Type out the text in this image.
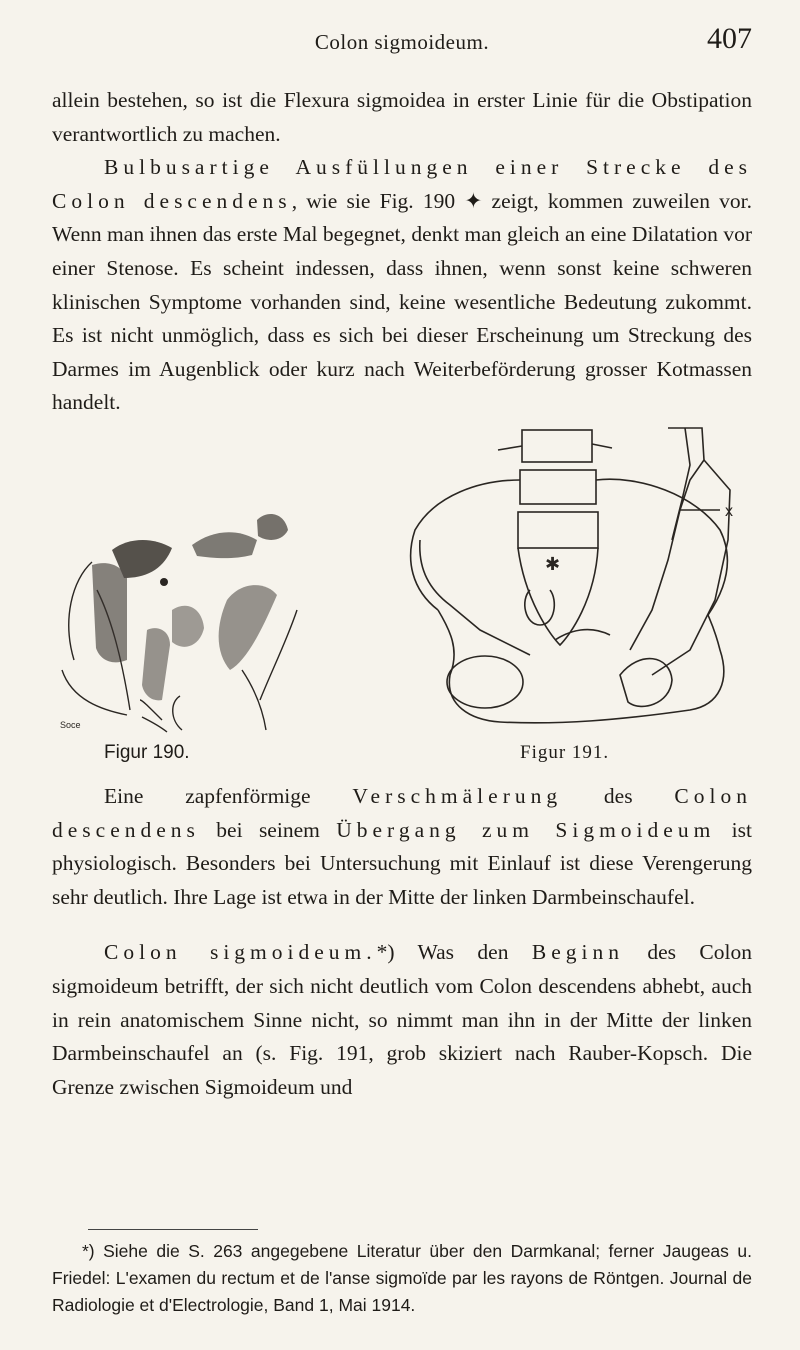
Colon sigmoideum.	407

allein bestehen, so ist die Flexura sigmoidea in erster Linie für die Obstipation verantwortlich zu machen.

Bulbusartige Ausfüllungen einer Strecke des Colon descendens, wie sie Fig. 190 ✦ zeigt, kommen zuweilen vor. Wenn man ihnen das erste Mal begegnet, denkt man gleich an eine Dilatation vor einer Stenose. Es scheint indessen, dass ihnen, wenn sonst keine schweren klinischen Symptome vorhanden sind, keine wesentliche Bedeutung zukommt. Es ist nicht unmöglich, dass es sich bei dieser Erscheinung um Streckung des Darmes im Augenblick oder kurz nach Weiterbeförderung grosser Kotmassen handelt.

Soce
Figur 190.
x
✱
Figur 191.

Eine zapfenförmige Verschmälerung des Colon descendens bei seinem Übergang zum Sigmoideum ist physiologisch. Besonders bei Untersuchung mit Einlauf ist diese Verengerung sehr deutlich. Ihre Lage ist etwa in der Mitte der linken Darmbeinschaufel.

Colon sigmoideum.*) Was den Beginn des Colon sigmoideum betrifft, der sich nicht deutlich vom Colon descendens abhebt, auch in rein anatomischem Sinne nicht, so nimmt man ihn in der Mitte der linken Darmbeinschaufel an (s. Fig. 191, grob skiziert nach Rauber-Kopsch. Die Grenze zwischen Sigmoideum und

*) Siehe die S. 263 angegebene Literatur über den Darmkanal; ferner Jaugeas u. Friedel: L'examen du rectum et de l'anse sigmoïde par les rayons de Röntgen. Journal de Radiologie et d'Electrologie, Band 1, Mai 1914.
